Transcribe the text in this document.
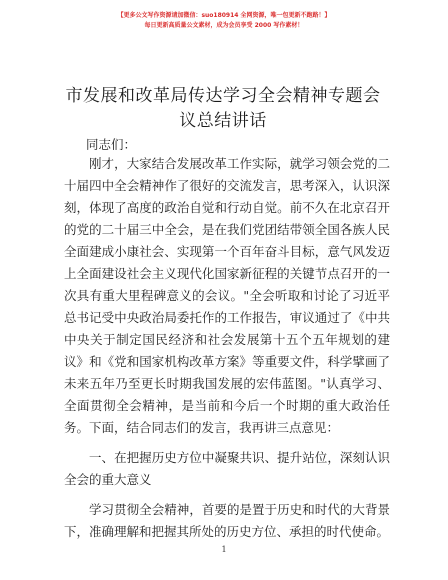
【更多公文写作资源请加微信：suo180914 全网资源，唯一包更新不跑路！】
每日更新高质量公文素材，成为会员享受 2000 写作素材！
市发展和改革局传达学习全会精神专题会议总结讲话
同志们：

刚才，大家结合发展改革工作实际，就学习领会党的二十届四中全会精神作了很好的交流发言，思考深入，认识深刻，体现了高度的政治自觉和行动自觉。前不久在北京召开的党的二十届三中全会，是在我们党团结带领全国各族人民全面建成小康社会、实现第一个百年奋斗目标，意气风发迈上全面建设社会主义现代化国家新征程的关键节点召开的一次具有重大里程碑意义的会议。"全会听取和讨论了习近平总书记受中央政治局委托作的工作报告，审议通过了《中共中央关于制定国民经济和社会发展第十五个五年规划的建议》和《党和国家机构改革方案》等重要文件，科学擘画了未来五年乃至更长时期我国发展的宏伟蓝图。"认真学习、全面贯彻全会精神，是当前和今后一个时期的重大政治任务。下面，结合同志们的发言，我再讲三点意见：

一、在把握历史方位中凝聚共识、提升站位，深刻认识全会的重大意义

学习贯彻全会精神，首要的是置于历史和时代的大背景下，准确理解和把握其所处的历史方位、承担的时代使命。

1
